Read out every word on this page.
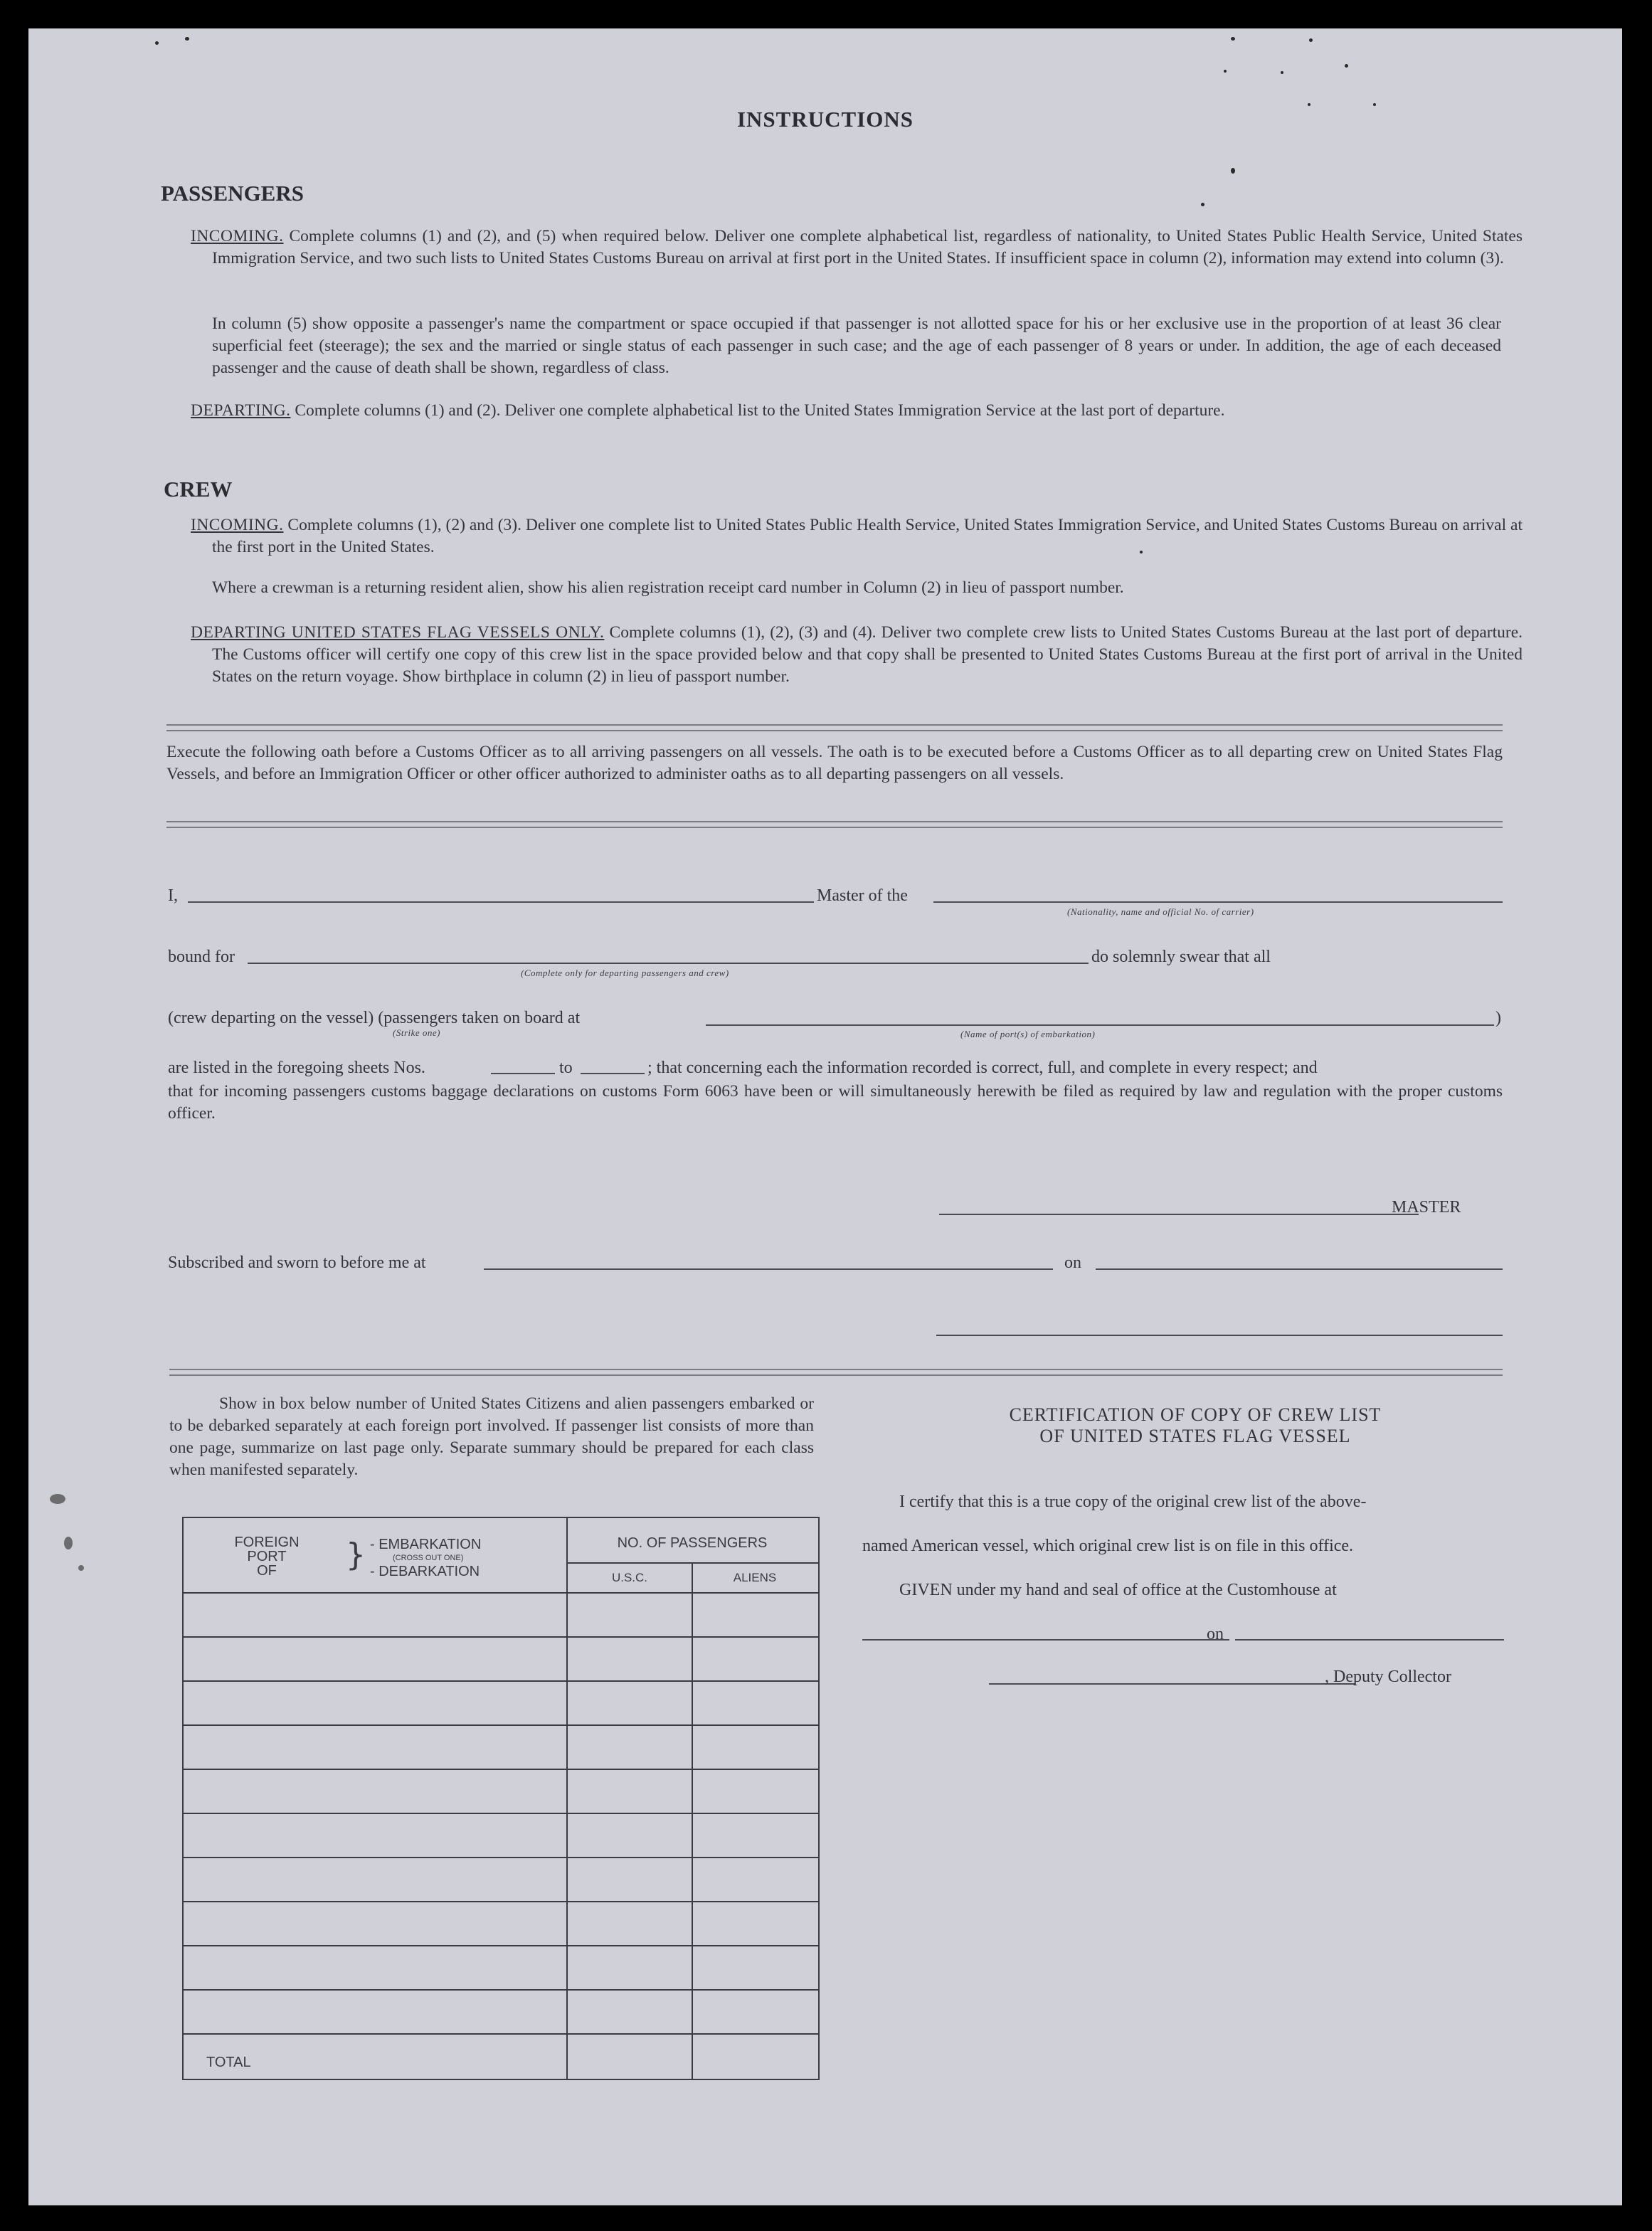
INSTRUCTIONS
PASSENGERS
INCOMING. Complete columns (1) and (2), and (5) when required below. Deliver one complete alphabetical list, regardless of nationality, to United States Public Health Service, United States Immigration Service, and two such lists to United States Customs Bureau on arrival at first port in the United States. If insufficient space in column (2), information may extend into column (3).
In column (5) show opposite a passenger's name the compartment or space occupied if that passenger is not allotted space for his or her exclusive use in the proportion of at least 36 clear superficial feet (steerage); the sex and the married or single status of each passenger in such case; and the age of each passenger of 8 years or under. In addition, the age of each deceased passenger and the cause of death shall be shown, regardless of class.
DEPARTING. Complete columns (1) and (2). Deliver one complete alphabetical list to the United States Immigration Service at the last port of departure.
CREW
INCOMING. Complete columns (1), (2) and (3). Deliver one complete list to United States Public Health Service, United States Immigration Service, and United States Customs Bureau on arrival at the first port in the United States.
Where a crewman is a returning resident alien, show his alien registration receipt card number in Column (2) in lieu of passport number.
DEPARTING UNITED STATES FLAG VESSELS ONLY. Complete columns (1), (2), (3) and (4). Deliver two complete crew lists to United States Customs Bureau at the last port of departure. The Customs officer will certify one copy of this crew list in the space provided below and that copy shall be presented to United States Customs Bureau at the first port of arrival in the United States on the return voyage. Show birthplace in column (2) in lieu of passport number.
Execute the following oath before a Customs Officer as to all arriving passengers on all vessels. The oath is to be executed before a Customs Officer as to all departing crew on United States Flag Vessels, and before an Immigration Officer or other officer authorized to administer oaths as to all departing passengers on all vessels.
I,	Master of the
(Nationality, name and official No. of carrier)
bound for
(Complete only for departing passengers and crew)
do solemnly swear that all
(crew departing on the vessel) (passengers taken on board at
(Strike one)	(Name of port(s) of embarkation)
)
are listed in the foregoing sheets Nos.	to	; that concerning each the information recorded is correct, full, and complete in every respect; and
that for incoming passengers customs baggage declarations on customs Form 6063 have been or will simultaneously herewith be filed as required by law and regulation with the proper customs officer.
MASTER
Subscribed and sworn to before me at	on
Show in box below number of United States Citizens and alien passengers embarked or to be debarked separately at each foreign port involved. If passenger list consists of more than one page, summarize on last page only. Separate summary should be prepared for each class when manifested separately.
FOREIGN
PORT
OF	} - EMBARKATION
(CROSS OUT ONE)
- DEBARKATION
NO. OF PASSENGERS
U.S.C.	ALIENS
TOTAL
CERTIFICATION OF COPY OF CREW LIST
OF UNITED STATES FLAG VESSEL
I certify that this is a true copy of the original crew list of the above-
named American vessel, which original crew list is on file in this office.
GIVEN under my hand and seal of office at the Customhouse at
on
, Deputy Collector
